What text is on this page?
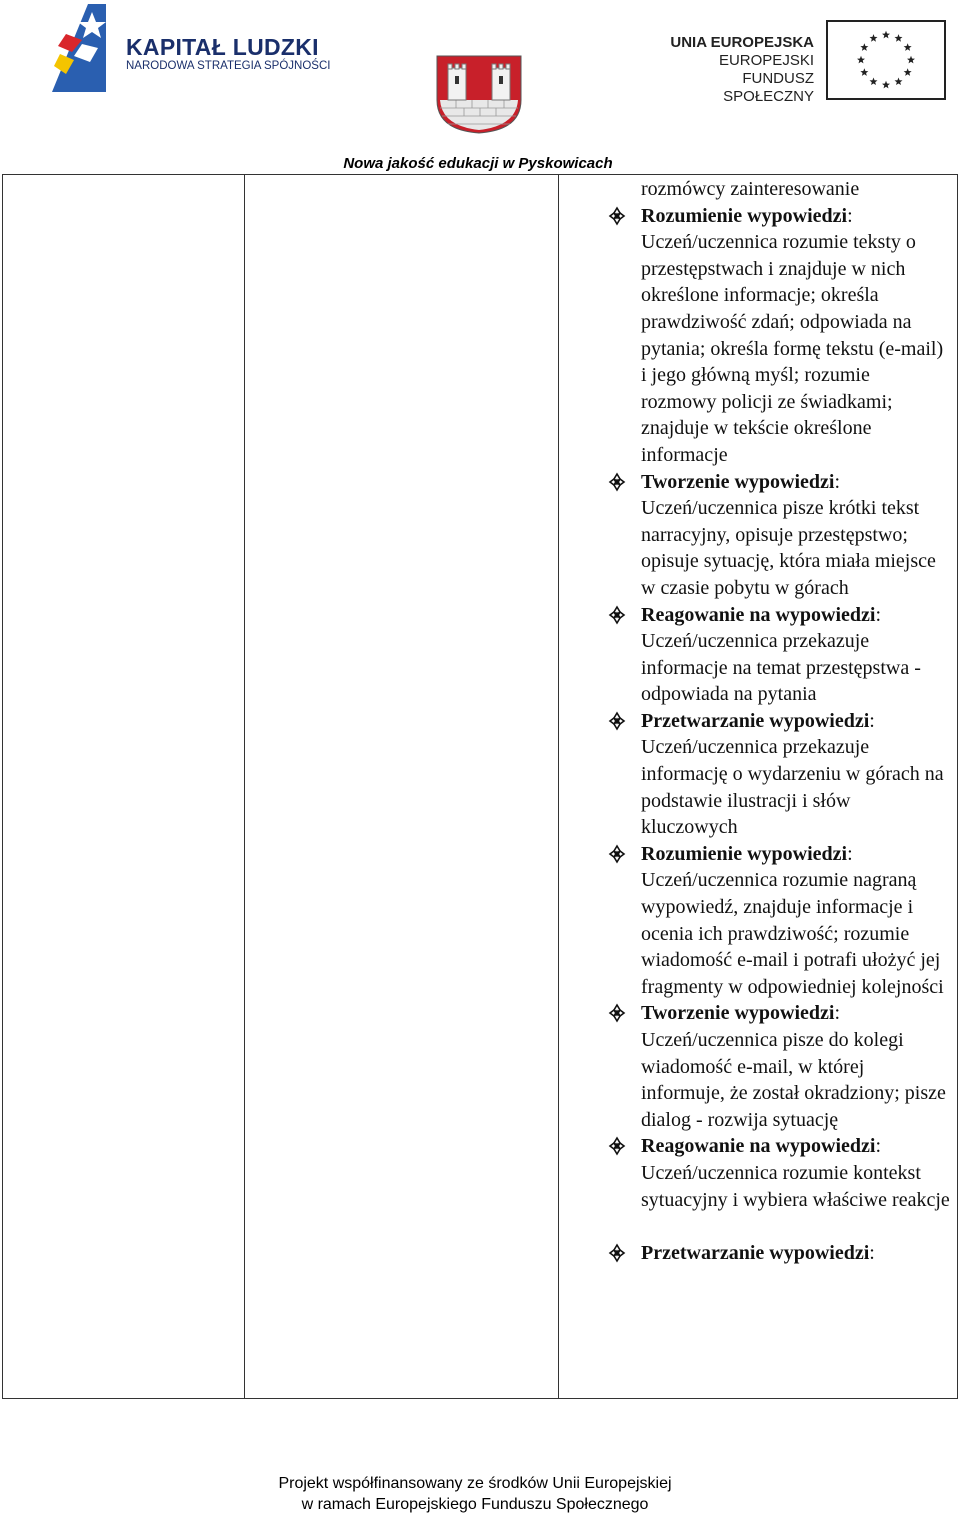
KAPITAŁ LUDZKI
NARODOWA STRATEGIA SPÓJNOŚCI
UNIA EUROPEJSKA
EUROPEJSKI
FUNDUSZ SPOŁECZNY
Nowa jakość edukacji w Pyskowicach
rozmówcy zainteresowanie
Rozumienie wypowiedzi:
Uczeń/uczennica rozumie teksty o przestępstwach i znajduje w nich określone informacje; określa prawdziwość zdań; odpowiada na pytania; określa formę tekstu (e-mail) i jego główną myśl; rozumie rozmowy policji ze świadkami; znajduje w tekście określone informacje
Tworzenie wypowiedzi:
Uczeń/uczennica pisze krótki tekst narracyjny, opisuje przestępstwo; opisuje sytuację, która miała miejsce w czasie pobytu w górach
Reagowanie na wypowiedzi:
Uczeń/uczennica przekazuje informacje na temat przestępstwa - odpowiada na pytania
Przetwarzanie wypowiedzi:
Uczeń/uczennica przekazuje informację o wydarzeniu w górach na podstawie ilustracji i słów kluczowych
Rozumienie wypowiedzi:
Uczeń/uczennica rozumie nagraną wypowiedź, znajduje informacje i ocenia ich prawdziwość; rozumie wiadomość e-mail i potrafi ułożyć jej fragmenty w odpowiedniej kolejności
Tworzenie wypowiedzi:
Uczeń/uczennica pisze do kolegi wiadomość e-mail, w której informuje, że został okradziony; pisze dialog - rozwija sytuację
Reagowanie na wypowiedzi:
Uczeń/uczennica rozumie kontekst sytuacyjny i wybiera właściwe reakcje
Przetwarzanie wypowiedzi:
Projekt współfinansowany ze środków Unii Europejskiej
w ramach Europejskiego Funduszu Społecznego
